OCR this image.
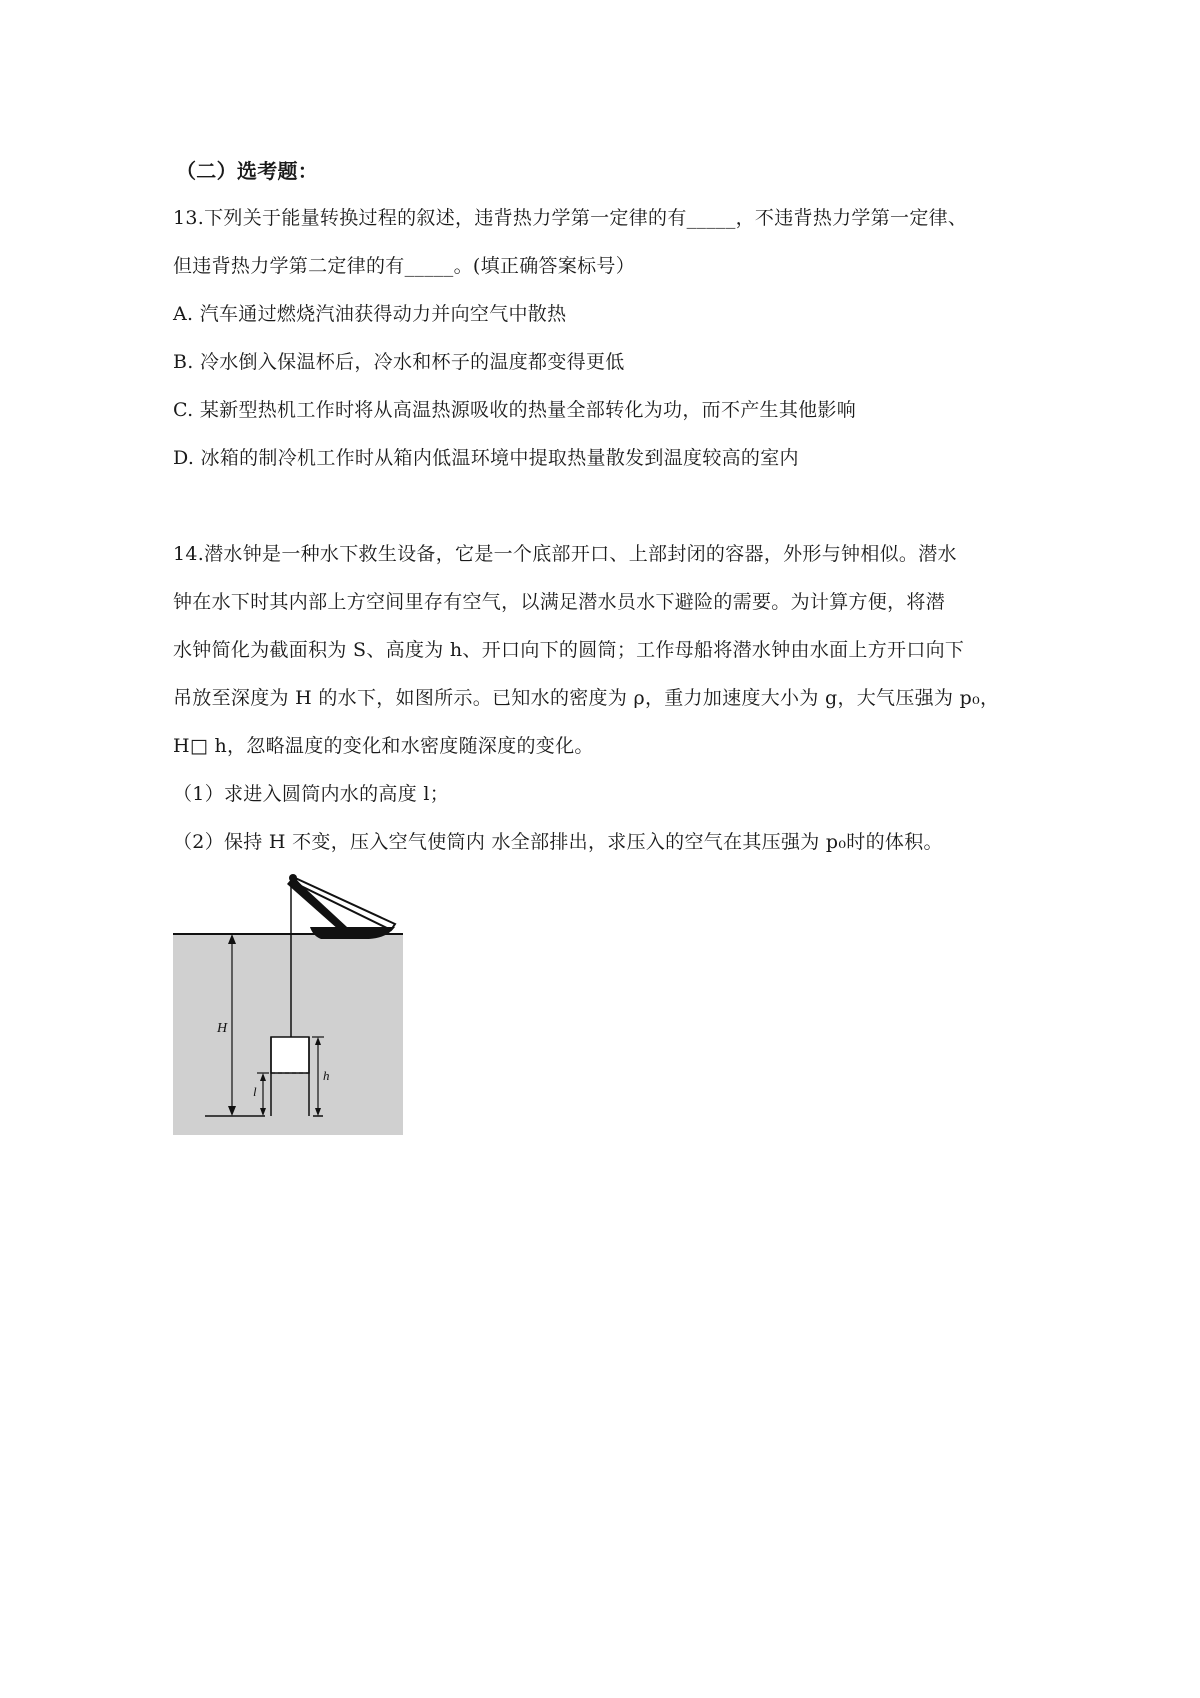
（二）选考题：
13.下列关于能量转换过程的叙述，违背热力学第一定律的有_____，不违背热力学第一定律、
但违背热力学第二定律的有_____。(填正确答案标号）
A. 汽车通过燃烧汽油获得动力并向空气中散热
B. 冷水倒入保温杯后，冷水和杯子的温度都变得更低
C. 某新型热机工作时将从高温热源吸收的热量全部转化为功，而不产生其他影响
D. 冰箱的制冷机工作时从箱内低温环境中提取热量散发到温度较高的室内
14.潜水钟是一种水下救生设备，它是一个底部开口、上部封闭的容器，外形与钟相似。潜水
钟在水下时其内部上方空间里存有空气，以满足潜水员水下避险的需要。为计算方便，将潜
水钟简化为截面积为 S、高度为 h、开口向下的圆筒；工作母船将潜水钟由水面上方开口向下
吊放至深度为 H 的水下，如图所示。已知水的密度为 ρ，重力加速度大小为 g，大气压强为 p₀，
H□ h，忽略温度的变化和水密度随深度的变化。
（1）求进入圆筒内水的高度 l；
（2）保持 H 不变，压入空气使筒内 水全部排出，求压入的空气在其压强为 p₀时的体积。
H
l
h
